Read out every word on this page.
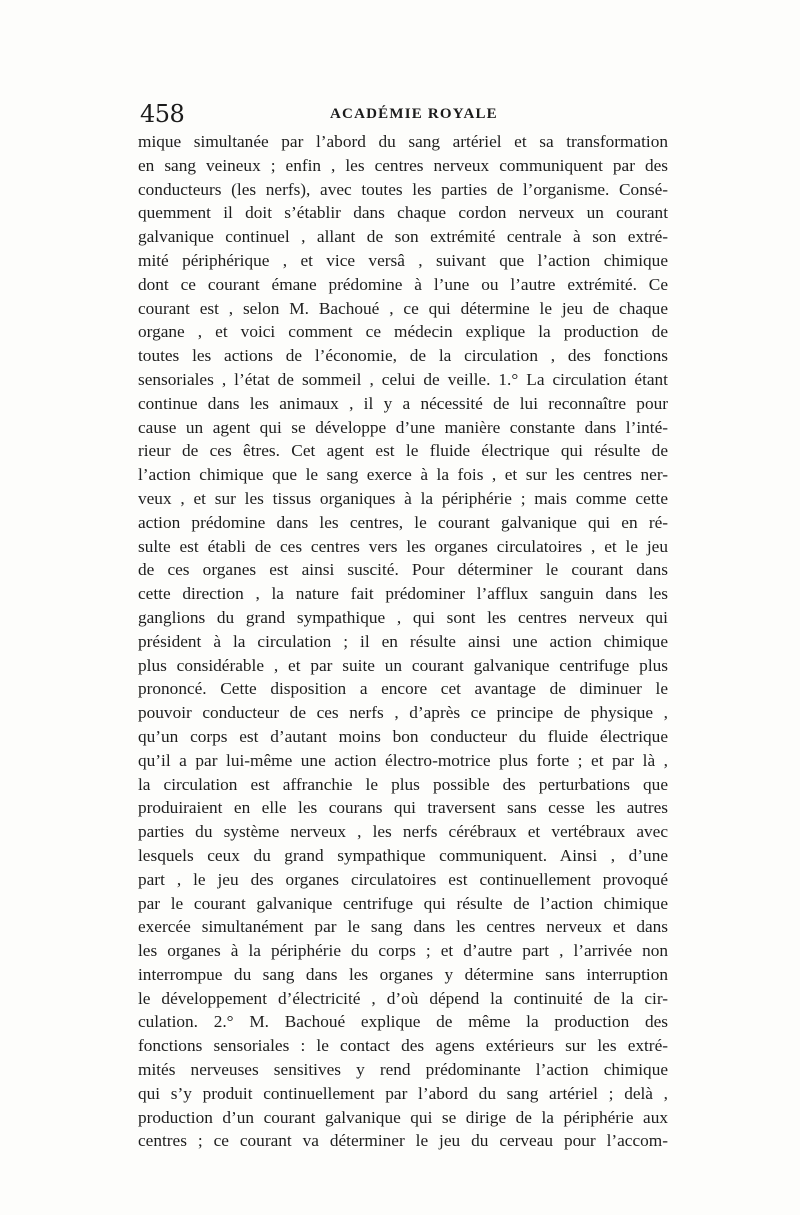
458	ACADÉMIE ROYALE
mique simultanée par l’abord du sang artériel et sa transformation
en sang veineux ; enfin , les centres nerveux communiquent par des
conducteurs (les nerfs), avec toutes les parties de l’organisme. Consé-
quemment il doit s’établir dans chaque cordon nerveux un courant
galvanique continuel , allant de son extrémité centrale à son extré-
mité périphérique , et vice versâ , suivant que l’action chimique
dont ce courant émane prédomine à l’une ou l’autre extrémité. Ce
courant est , selon M. Bachoué , ce qui détermine le jeu de chaque
organe , et voici comment ce médecin explique la production de
toutes les actions de l’économie, de la circulation , des fonctions
sensoriales , l’état de sommeil , celui de veille. 1.° La circulation étant
continue dans les animaux , il y a nécessité de lui reconnaître pour
cause un agent qui se développe d’une manière constante dans l’inté-
rieur de ces êtres. Cet agent est le fluide électrique qui résulte de
l’action chimique que le sang exerce à la fois , et sur les centres ner-
veux , et sur les tissus organiques à la périphérie ; mais comme cette
action prédomine dans les centres, le courant galvanique qui en ré-
sulte est établi de ces centres vers les organes circulatoires , et le jeu
de ces organes est ainsi suscité. Pour déterminer le courant dans
cette direction , la nature fait prédominer l’afflux sanguin dans les
ganglions du grand sympathique , qui sont les centres nerveux qui
président à la circulation ; il en résulte ainsi une action chimique
plus considérable , et par suite un courant galvanique centrifuge plus
prononcé. Cette disposition a encore cet avantage de diminuer le
pouvoir conducteur de ces nerfs , d’après ce principe de physique ,
qu’un corps est d’autant moins bon conducteur du fluide électrique
qu’il a par lui-même une action électro-motrice plus forte ; et par là ,
la circulation est affranchie le plus possible des perturbations que
produiraient en elle les courans qui traversent sans cesse les autres
parties du système nerveux , les nerfs cérébraux et vertébraux avec
lesquels ceux du grand sympathique communiquent. Ainsi , d’une
part , le jeu des organes circulatoires est continuellement provoqué
par le courant galvanique centrifuge qui résulte de l’action chimique
exercée simultanément par le sang dans les centres nerveux et dans
les organes à la périphérie du corps ; et d’autre part , l’arrivée non
interrompue du sang dans les organes y détermine sans interruption
le développement d’électricité , d’où dépend la continuité de la cir-
culation. 2.° M. Bachoué explique de même la production des
fonctions sensoriales : le contact des agens extérieurs sur les extré-
mités nerveuses sensitives y rend prédominante l’action chimique
qui s’y produit continuellement par l’abord du sang artériel ; delà ,
production d’un courant galvanique qui se dirige de la périphérie aux
centres ; ce courant va déterminer le jeu du cerveau pour l’accom-
